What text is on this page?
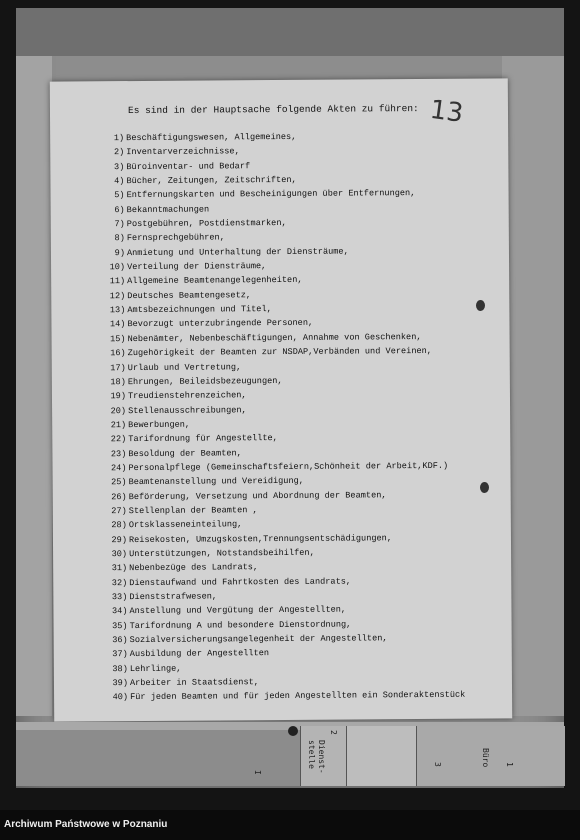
Es sind in der Hauptsache folgende Akten zu führen: 13
1) Beschäftigungswesen, Allgemeines,
2) Inventarverzeichnisse,
3) Büroinventar- und Bedarf
4) Bücher, Zeitungen, Zeitschriften,
5) Entfernungskarten und Bescheinigungen über Entfernungen,
6) Bekanntmachungen
7) Postgebühren, Postdienstmarken,
8) Fernsprechgebühren,
9) Anmietung und Unterhaltung der Diensträume,
10) Verteilung der Diensträume,
11) Allgemeine Beamtenangelegenheiten,
12) Deutsches Beamtengesetz,
13) Amtsbezeichnungen und Titel,
14) Bevorzugt unterzubringende Personen,
15) Nebenämter, Nebenbeschäftigungen, Annahme von Geschenken,
16) Zugehörigkeit der Beamten zur NSDAP,Verbänden und Vereinen,
17) Urlaub und Vertretung,
18) Ehrungen, Beileidsbezeugungen,
19) Treudienstehrenzeichen,
20) Stellenausschreibungen,
21) Bewerbungen,
22) Tarifordnung für Angestellte,
23) Besoldung der Beamten,
24) Personalpflege (Gemeinschaftsfeiern,Schönheit der Arbeit,KDF.)
25) Beamtenanstellung und Vereidigung,
26) Beförderung, Versetzung und Abordnung der Beamten,
27) Stellenplan der Beamten ,
28) Ortsklasseneinteilung,
29) Reisekosten, Umzugskosten,Trennungsentschädigungen,
30) Unterstützungen, Notstandsbeihilfen,
31) Nebenbezüge des Landrats,
32) Dienstaufwand und Fahrtkosten des Landrats,
33) Dienststrafwesen,
34) Anstellung und Vergütung der Angestellten,
35) Tarifordnung A und besondere Dienstordnung,
36) Sozialversicherungsangelegenheit der Angestellten,
37) Ausbildung der Angestellten
38) Lehrlinge,
39) Arbeiter in Staatsdienst,
40) Für jeden Beamten und für jeden Angestellten ein Sonderaktenstück
2
Dienst-
stelle
I
Büro 1
3
Archiwum Państwowe w Poznaniu
